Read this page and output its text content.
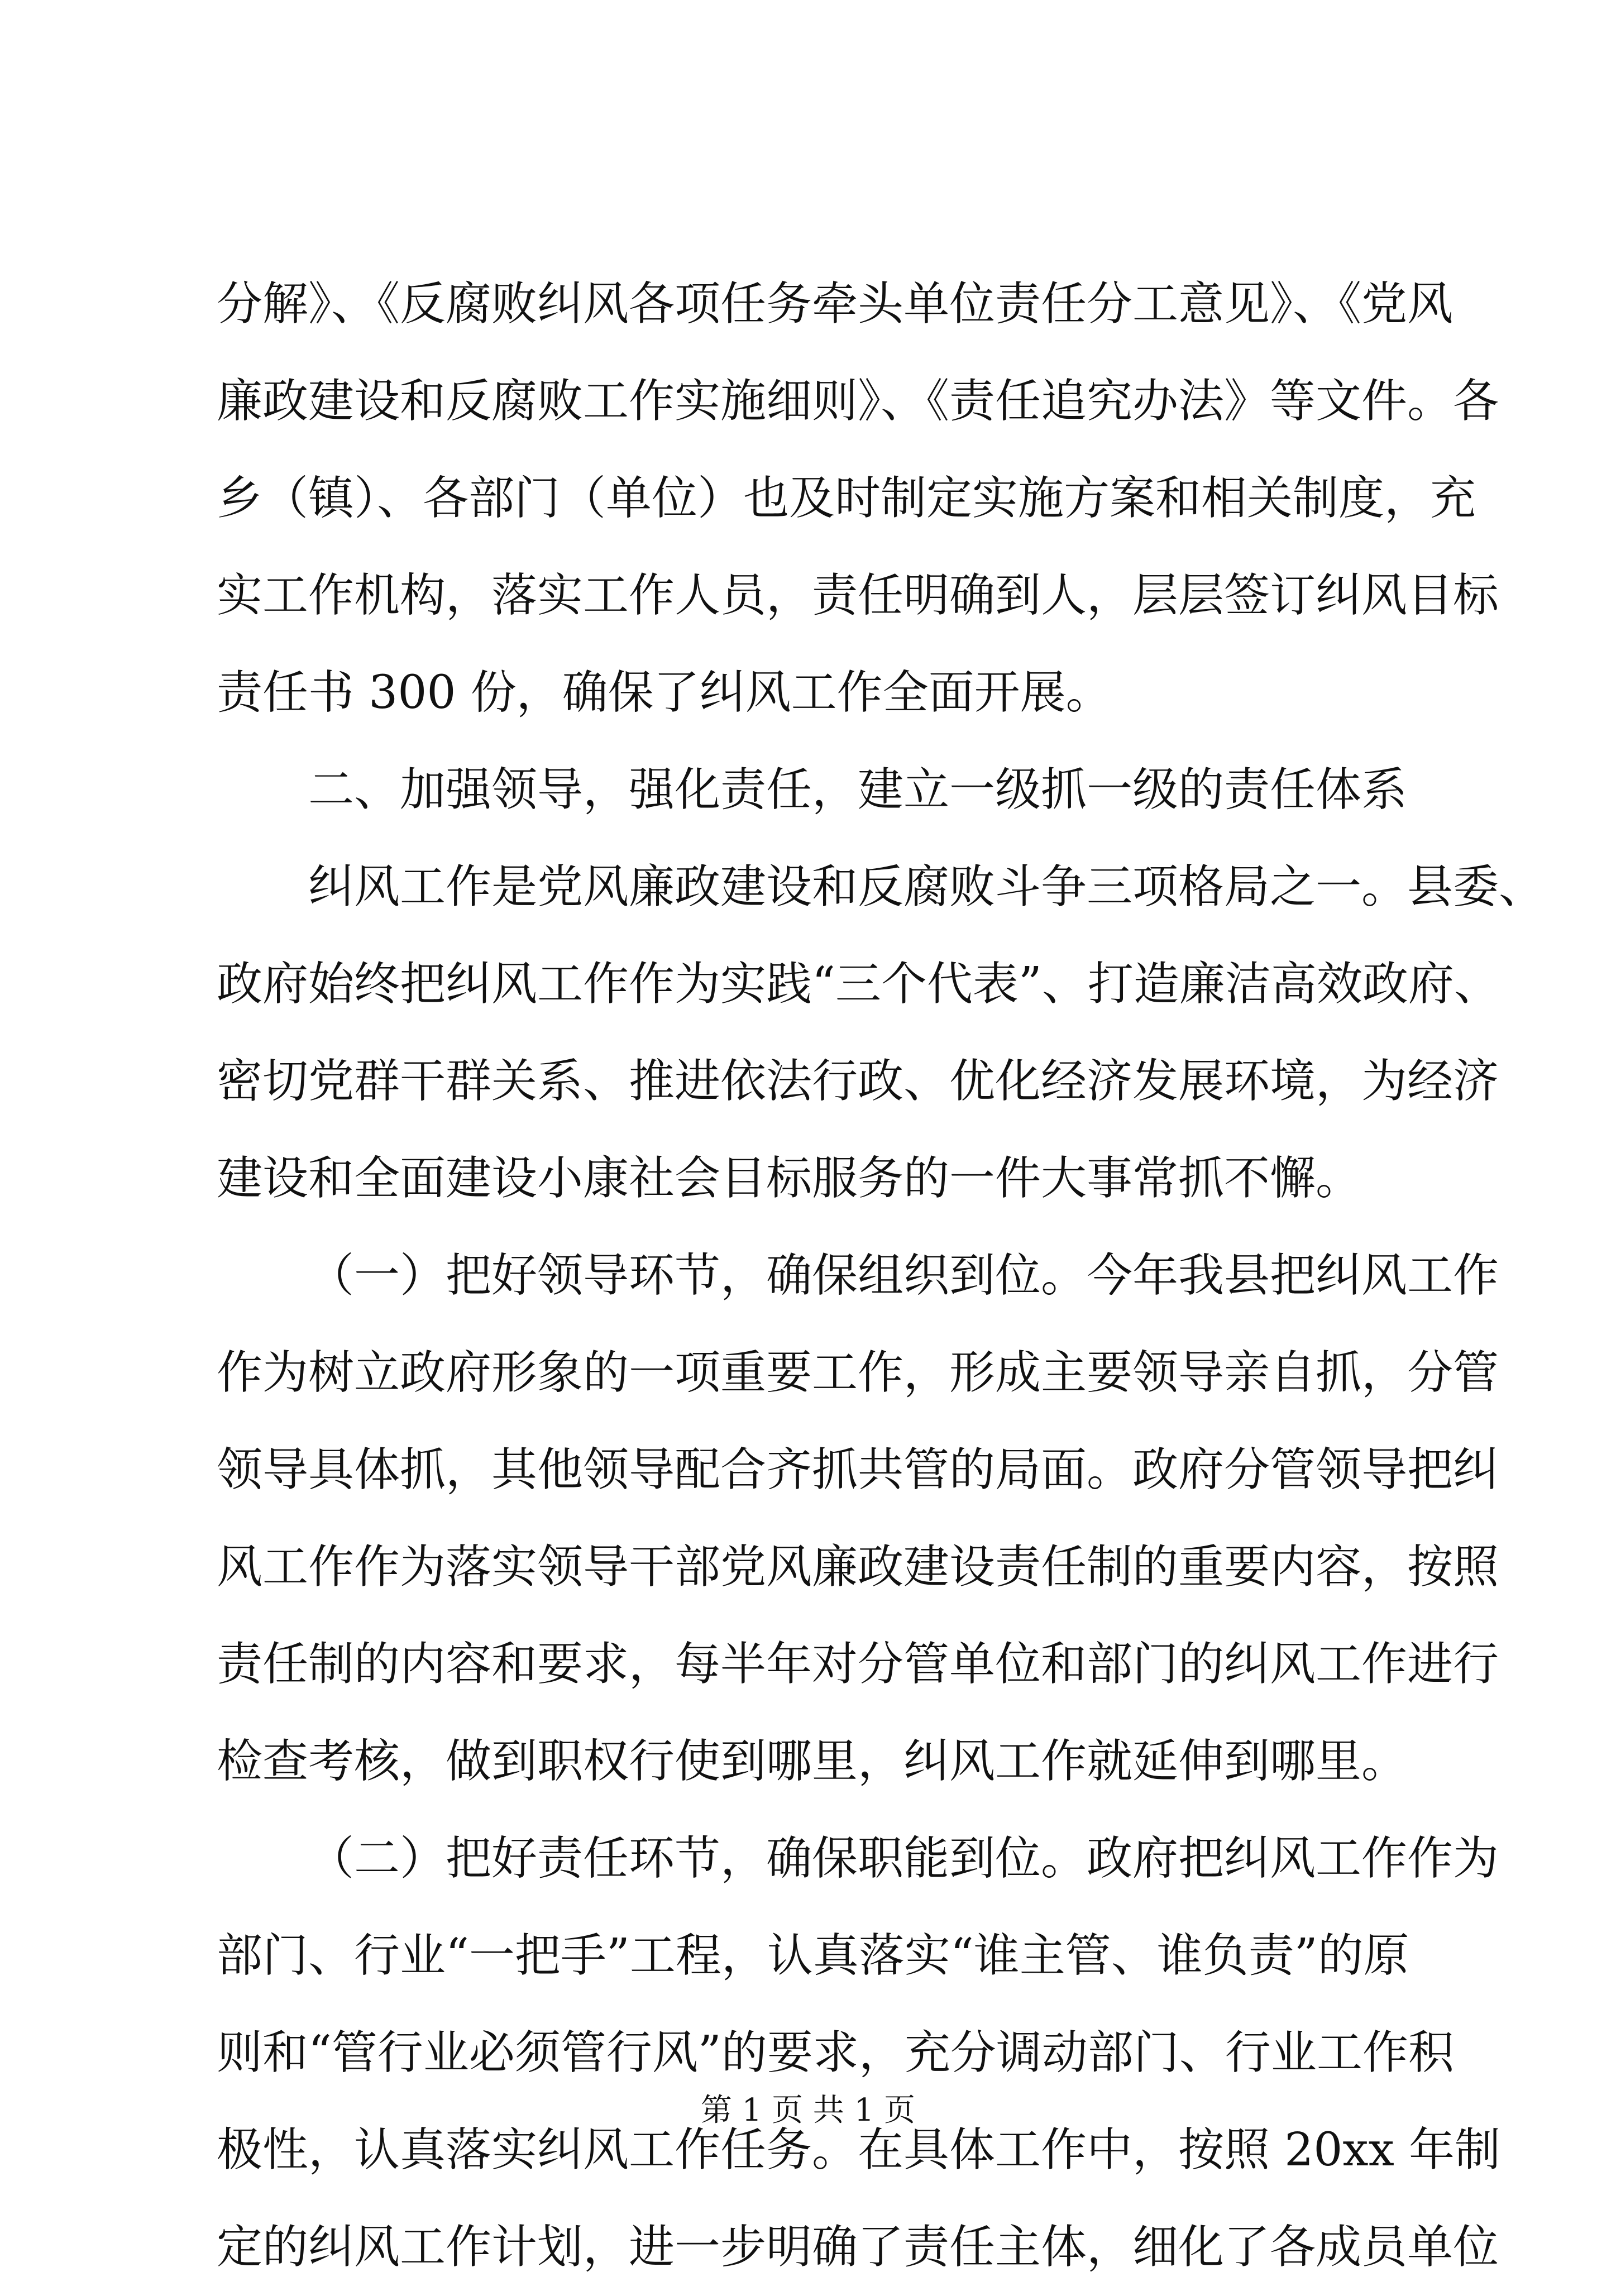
分解》、《反腐败纠风各项任务牵头单位责任分工意见》、《党风
廉政建设和反腐败工作实施细则》、《责任追究办法》等文件。各
乡（镇）、各部门（单位）也及时制定实施方案和相关制度，充
实工作机构，落实工作人员，责任明确到人，层层签订纠风目标
责任书 300 份，确保了纠风工作全面开展。
二、加强领导，强化责任，建立一级抓一级的责任体系
纠风工作是党风廉政建设和反腐败斗争三项格局之一。县委、
政府始终把纠风工作作为实践“三个代表”、打造廉洁高效政府、
密切党群干群关系、推进依法行政、优化经济发展环境，为经济
建设和全面建设小康社会目标服务的一件大事常抓不懈。
（一）把好领导环节，确保组织到位。今年我县把纠风工作
作为树立政府形象的一项重要工作，形成主要领导亲自抓，分管
领导具体抓，其他领导配合齐抓共管的局面。政府分管领导把纠
风工作作为落实领导干部党风廉政建设责任制的重要内容，按照
责任制的内容和要求，每半年对分管单位和部门的纠风工作进行
检查考核，做到职权行使到哪里，纠风工作就延伸到哪里。
（二）把好责任环节，确保职能到位。政府把纠风工作作为
部门、行业“一把手”工程，认真落实“谁主管、谁负责”的原
则和“管行业必须管行风”的要求，充分调动部门、行业工作积
极性，认真落实纠风工作任务。在具体工作中，按照 20xx 年制
定的纠风工作计划，进一步明确了责任主体，细化了各成员单位
第 1 页 共 1 页
